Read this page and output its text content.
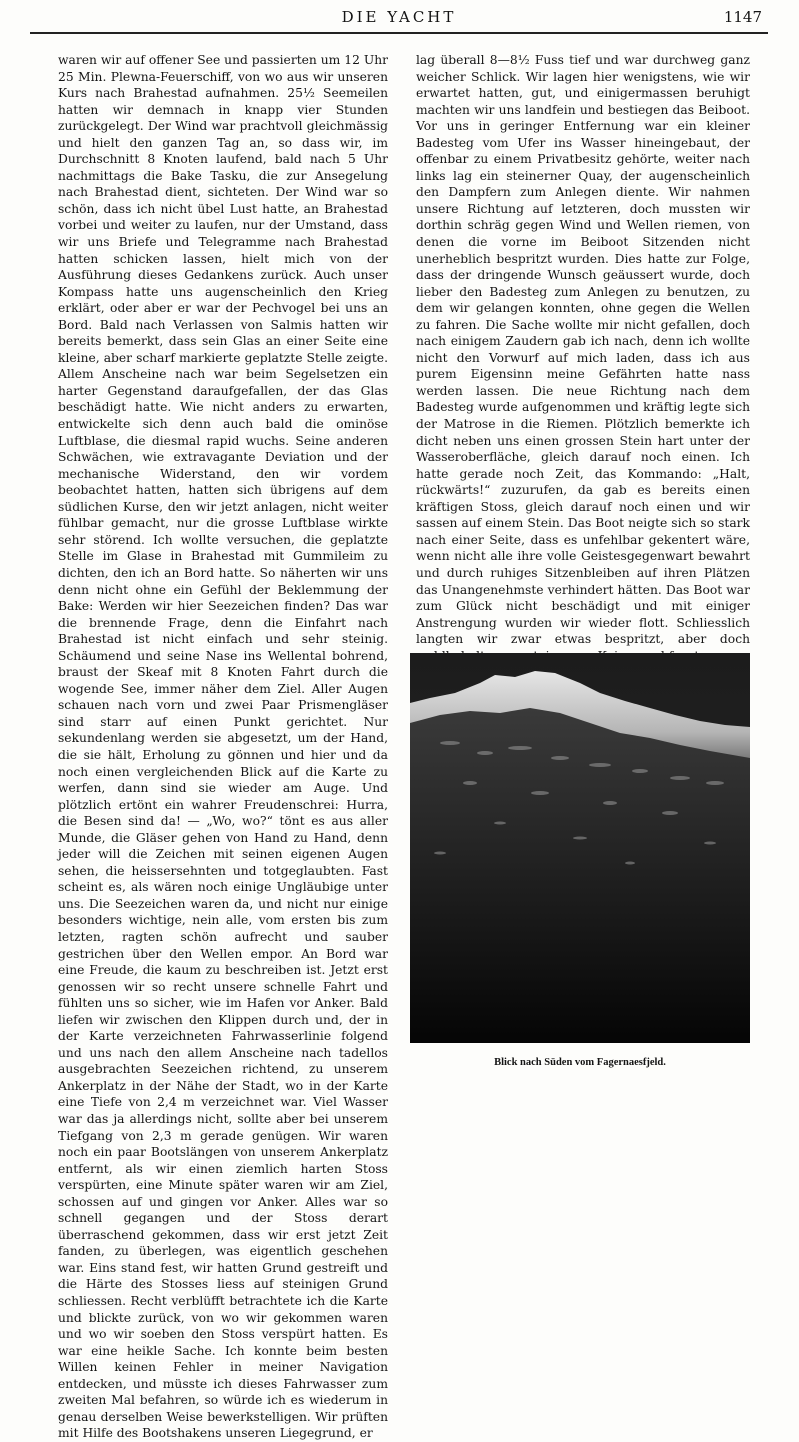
DIE YACHT	1147

waren wir auf offener See und passierten um 12 Uhr 25 Min. Plewna-Feuerschiff, von wo aus wir unseren Kurs nach Brahestad aufnahmen. 25½ Seemeilen hatten wir demnach in knapp vier Stunden zurückgelegt. Der Wind war prachtvoll gleichmässig und hielt den ganzen Tag an, so dass wir, im Durchschnitt 8 Knoten laufend, bald nach 5 Uhr nachmittags die Bake Tasku, die zur Ansegelung nach Brahestad dient, sichteten. Der Wind war so schön, dass ich nicht übel Lust hatte, an Brahestad vorbei und weiter zu laufen, nur der Umstand, dass wir uns Briefe und Telegramme nach Brahestad hatten schicken lassen, hielt mich von der Ausführung dieses Gedankens zurück. Auch unser Kompass hatte uns augenscheinlich den Krieg erklärt, oder aber er war der Pechvogel bei uns an Bord. Bald nach Verlassen von Salmis hatten wir bereits bemerkt, dass sein Glas an einer Seite eine kleine, aber scharf markierte geplatzte Stelle zeigte. Allem Anscheine nach war beim Segelsetzen ein harter Gegenstand daraufgefallen, der das Glas beschädigt hatte. Wie nicht anders zu erwarten, entwickelte sich denn auch bald die ominöse Luftblase, die diesmal rapid wuchs. Seine anderen Schwächen, wie extravagante Deviation und der mechanische Widerstand, den wir vordem beobachtet hatten, hatten sich übrigens auf dem südlichen Kurse, den wir jetzt anlagen, nicht weiter fühlbar gemacht, nur die grosse Luftblase wirkte sehr störend. Ich wollte versuchen, die geplatzte Stelle im Glase in Brahestad mit Gummileim zu dichten, den ich an Bord hatte. So näherten wir uns denn nicht ohne ein Gefühl der Beklemmung der Bake: Werden wir hier Seezeichen finden? Das war die brennende Frage, denn die Einfahrt nach Brahestad ist nicht einfach und sehr steinig. Schäumend und seine Nase ins Wellental bohrend, braust der Skeaf mit 8 Knoten Fahrt durch die wogende See, immer näher dem Ziel. Aller Augen schauen nach vorn und zwei Paar Prismengläser sind starr auf einen Punkt gerichtet. Nur sekundenlang werden sie abgesetzt, um der Hand, die sie hält, Erholung zu gönnen und hier und da noch einen vergleichenden Blick auf die Karte zu werfen, dann sind sie wieder am Auge. Und plötzlich ertönt ein wahrer Freudenschrei: Hurra, die Besen sind da! — „Wo, wo?“ tönt es aus aller Munde, die Gläser gehen von Hand zu Hand, denn jeder will die Zeichen mit seinen eigenen Augen sehen, die heissersehnten und totgeglaubten. Fast scheint es, als wären noch einige Ungläubige unter uns. Die Seezeichen waren da, und nicht nur einige besonders wichtige, nein alle, vom ersten bis zum letzten, ragten schön aufrecht und sauber gestrichen über den Wellen empor. An Bord war eine Freude, die kaum zu beschreiben ist. Jetzt erst genossen wir so recht unsere schnelle Fahrt und fühlten uns so sicher, wie im Hafen vor Anker. Bald liefen wir zwischen den Klippen durch und, der in der Karte verzeichneten Fahrwasserlinie folgend und uns nach den allem Anscheine nach tadellos ausgebrachten Seezeichen richtend, zu unserem Ankerplatz in der Nähe der Stadt, wo in der Karte eine Tiefe von 2,4 m verzeichnet war. Viel Wasser war das ja allerdings nicht, sollte aber bei unserem Tiefgang von 2,3 m gerade genügen. Wir waren noch ein paar Bootslängen von unserem Ankerplatz entfernt, als wir einen ziemlich harten Stoss verspürten, eine Minute später waren wir am Ziel, schossen auf und gingen vor Anker. Alles war so schnell gegangen und der Stoss derart überraschend gekommen, dass wir erst jetzt Zeit fanden, zu überlegen, was eigentlich geschehen war. Eins stand fest, wir hatten Grund gestreift und die Härte des Stosses liess auf steinigen Grund schliessen. Recht verblüfft betrachtete ich die Karte und blickte zurück, von wo wir gekommen waren und wo wir soeben den Stoss verspürt hatten. Es war eine heikle Sache. Ich konnte beim besten Willen keinen Fehler in meiner Navigation entdecken, und müsste ich dieses Fahrwasser zum zweiten Mal befahren, so würde ich es wiederum in genau derselben Weise bewerkstelligen. Wir prüften mit Hilfe des Bootshakens unseren Liegegrund, er

lag überall 8—8½ Fuss tief und war durchweg ganz weicher Schlick. Wir lagen hier wenigstens, wie wir erwartet hatten, gut, und einigermassen beruhigt machten wir uns landfein und bestiegen das Beiboot. Vor uns in geringer Entfernung war ein kleiner Badesteg vom Ufer ins Wasser hineingebaut, der offenbar zu einem Privatbesitz gehörte, weiter nach links lag ein steinerner Quay, der augenscheinlich den Dampfern zum Anlegen diente. Wir nahmen unsere Richtung auf letzteren, doch mussten wir dorthin schräg gegen Wind und Wellen riemen, von denen die vorne im Beiboot Sitzenden nicht unerheblich bespritzt wurden. Dies hatte zur Folge, dass der dringende Wunsch geäussert wurde, doch lieber den Badesteg zum Anlegen zu benutzen, zu dem wir gelangen konnten, ohne gegen die Wellen zu fahren. Die Sache wollte mir nicht gefallen, doch nach einigem Zaudern gab ich nach, denn ich wollte nicht den Vorwurf auf mich laden, dass ich aus purem Eigensinn meine Gefährten hatte nass werden lassen. Die neue Richtung nach dem Badesteg wurde aufgenommen und kräftig legte sich der Matrose in die Riemen. Plötzlich bemerkte ich dicht neben uns einen grossen Stein hart unter der Wasseroberfläche, gleich darauf noch einen. Ich hatte gerade noch Zeit, das Kommando: „Halt, rückwärts!“ zuzurufen, da gab es bereits einen kräftigen Stoss, gleich darauf noch einen und wir sassen auf einem Stein. Das Boot neigte sich so stark nach einer Seite, dass es unfehlbar gekentert wäre, wenn nicht alle ihre volle Geistesgegenwart bewahrt und durch ruhiges Sitzenbleiben auf ihren Plätzen das Unangenehmste verhindert hätten. Das Boot war zum Glück nicht beschädigt und mit einiger Anstrengung wurden wir wieder flott. Schliesslich langten wir zwar etwas bespritzt, aber doch

Blick nach Süden vom Fagernaesfjeld.
